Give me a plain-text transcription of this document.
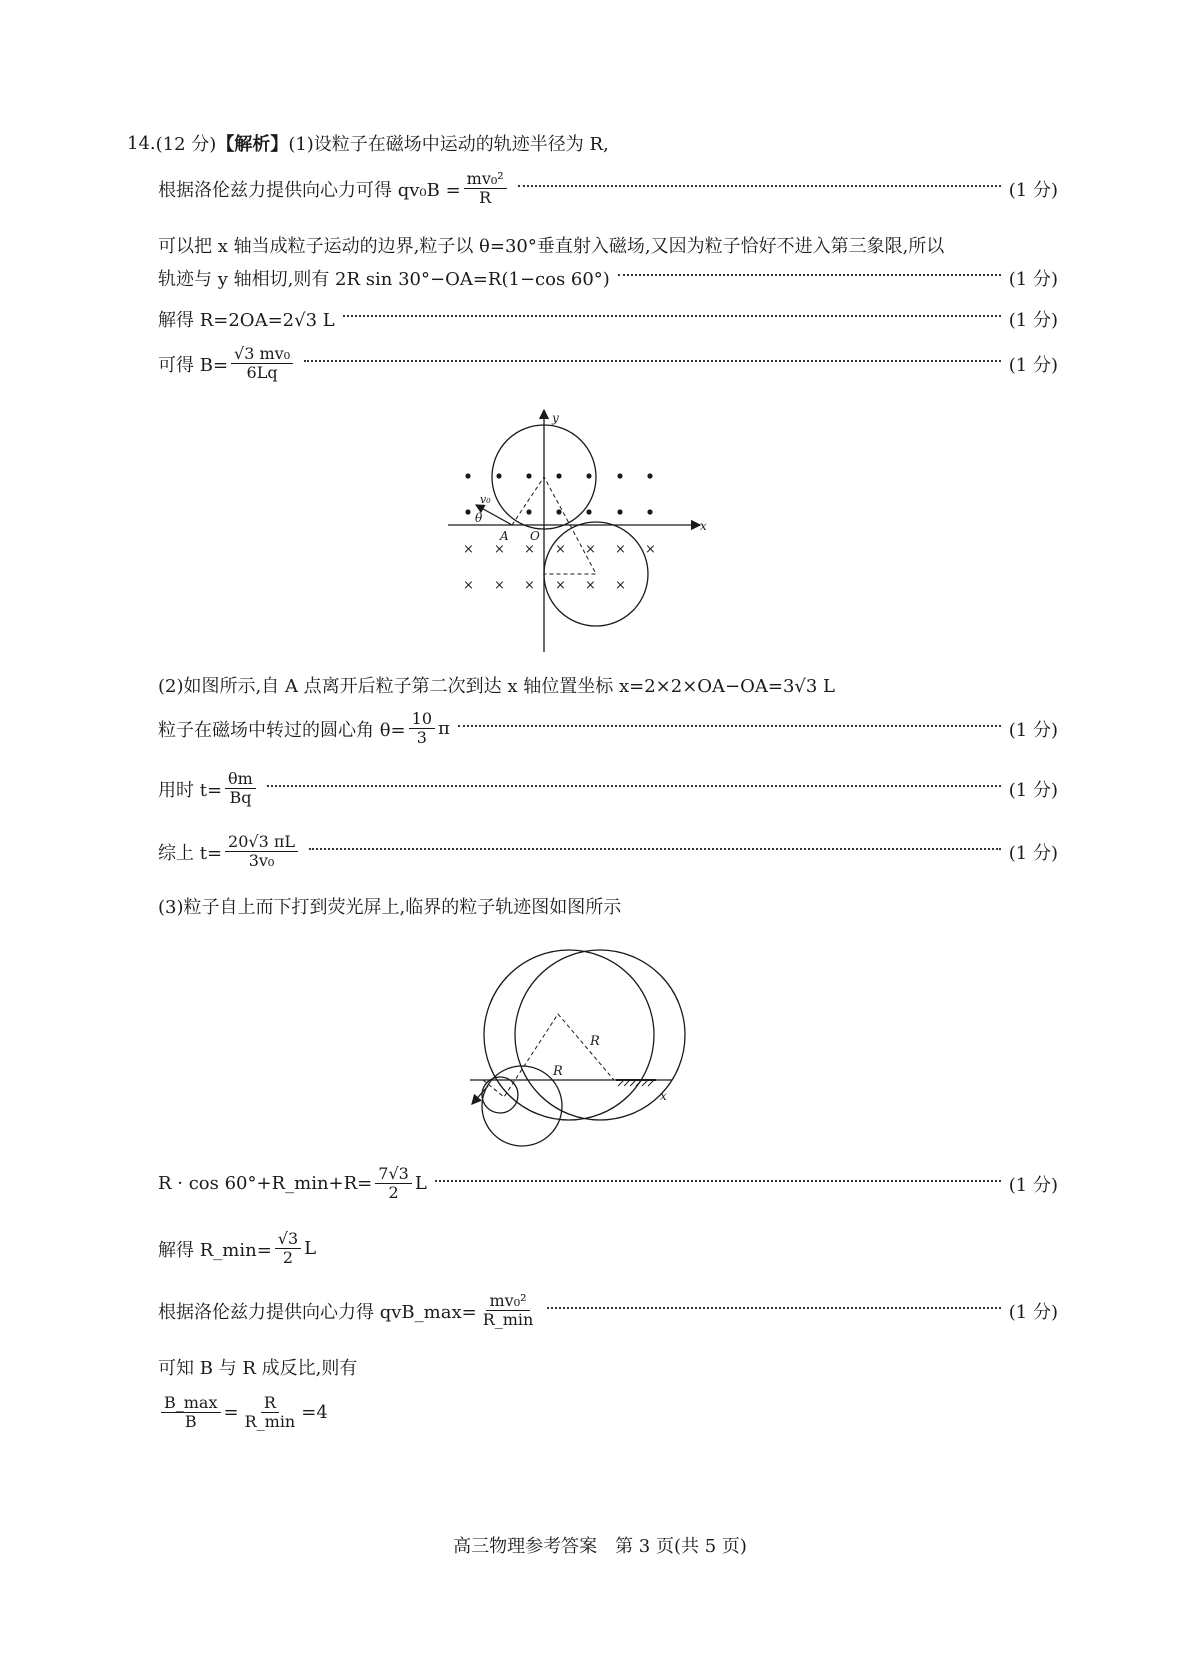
14. (12 分) 【解析】 (1)设粒子在磁场中运动的轨迹半径为 R,
根据洛伦兹力提供向心力可得 $qv_0B = \frac{\text{mv₀²}}{R}$	(1 分)
可以把 x 轴当成粒子运动的边界,粒子以 θ=30°垂直射入磁场,又因为粒子恰好不进入第三象限,所以
轨迹与 y 轴相切,则有 2R sin 30°−OA=R(1−cos 60°)	(1 分)
解得 R=2OA=2√3 L	(1 分)
可得 $B= \frac{\text{√3 mv₀}}{6Lq}$	(1 分)
y
x
v₀
θ
A O
× × × × × × ×
× × × × × ×
(2)如图所示,自 A 点离开后粒子第二次到达 x 轴位置坐标 x=2×2×OA−OA=3√3 L
粒子在磁场中转过的圆心角 $\theta= \frac{10}{3}$ π	(1 分)
用时 $t= \frac{\theta m}{Bq}$	(1 分)
综上 $t= \frac{20√3 \pi L}{\text{3v₀}}$	(1 分)
(3)粒子自上而下打到荧光屏上,临界的粒子轨迹图如图所示
x
R
R
R · cos 60°+R_min+R= $\frac{7√3}{2}$ L	(1 分)
解得 R_min= $\frac{√3}{2}$ L
根据洛伦兹力提供向心力得 qvB_max= $\frac{\text{mv₀²}}{R\_\min}$	(1 分)
可知 B 与 R 成反比,则有
$\frac{B\_\max}{B} = \frac{R}{R\_\min} =4$
高三物理参考答案　第 3 页(共 5 页)
